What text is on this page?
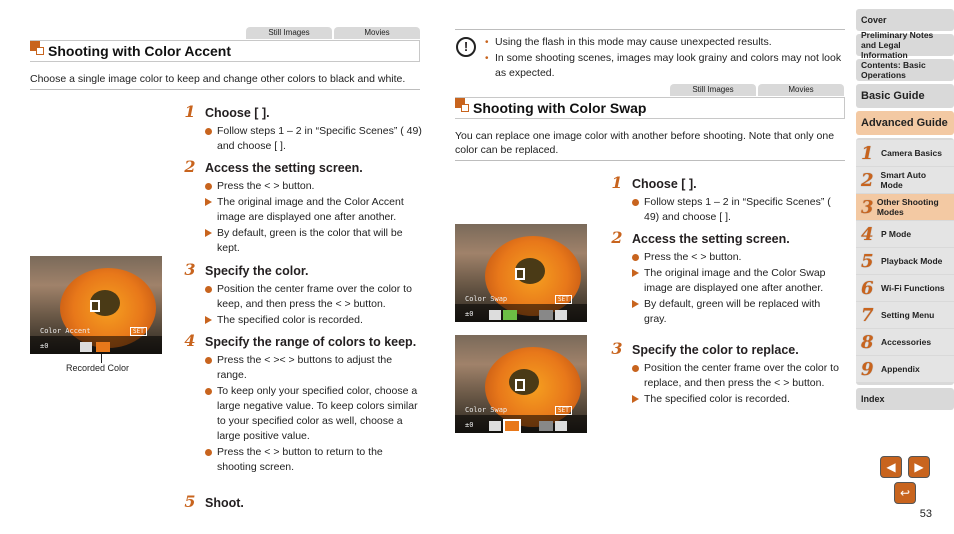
Still Images	Movies
Shooting with Color Accent
Choose a single image color to keep and change other colors to black and white.
1 Choose [ ].
Follow steps 1 – 2 in “Specific Scenes” ( 49) and choose [ ].
2 Access the setting screen.
Press the < > button.
The original image and the Color Accent image are displayed one after another.
By default, green is the color that will be kept.
3 Specify the color.
Position the center frame over the color to keep, and then press the < > button.
The specified color is recorded.
4 Specify the range of colors to keep.
Press the < >< > buttons to adjust the range.
To keep only your specified color, choose a large negative value. To keep colors similar to your specified color as well, choose a large positive value.
Press the < > button to return to the shooting screen.
5 Shoot.
Color Accent	SET
±0
Recorded Color
!	• Using the flash in this mode may cause unexpected results.
• In some shooting scenes, images may look grainy and colors may not look as expected.
Still Images	Movies
Shooting with Color Swap
You can replace one image color with another before shooting. Note that only one color can be replaced.
1 Choose [ ].
Follow steps 1 – 2 in “Specific Scenes” ( 49) and choose [ ].
2 Access the setting screen.
Press the < > button.
The original image and the Color Swap image are displayed one after another.
By default, green will be replaced with gray.
3 Specify the color to replace.
Position the center frame over the color to replace, and then press the < > button.
The specified color is recorded.
Color Swap	SET
±0
Color Swap	SET
±0
Cover
Preliminary Notes and Legal Information
Contents: Basic Operations
Basic Guide
Advanced Guide
1 Camera Basics
2 Smart Auto Mode
3 Other Shooting Modes
4 P Mode
5 Playback Mode
6 Wi-Fi Functions
7 Setting Menu
8 Accessories
9 Appendix
Index
◀ ▶
↩
53
